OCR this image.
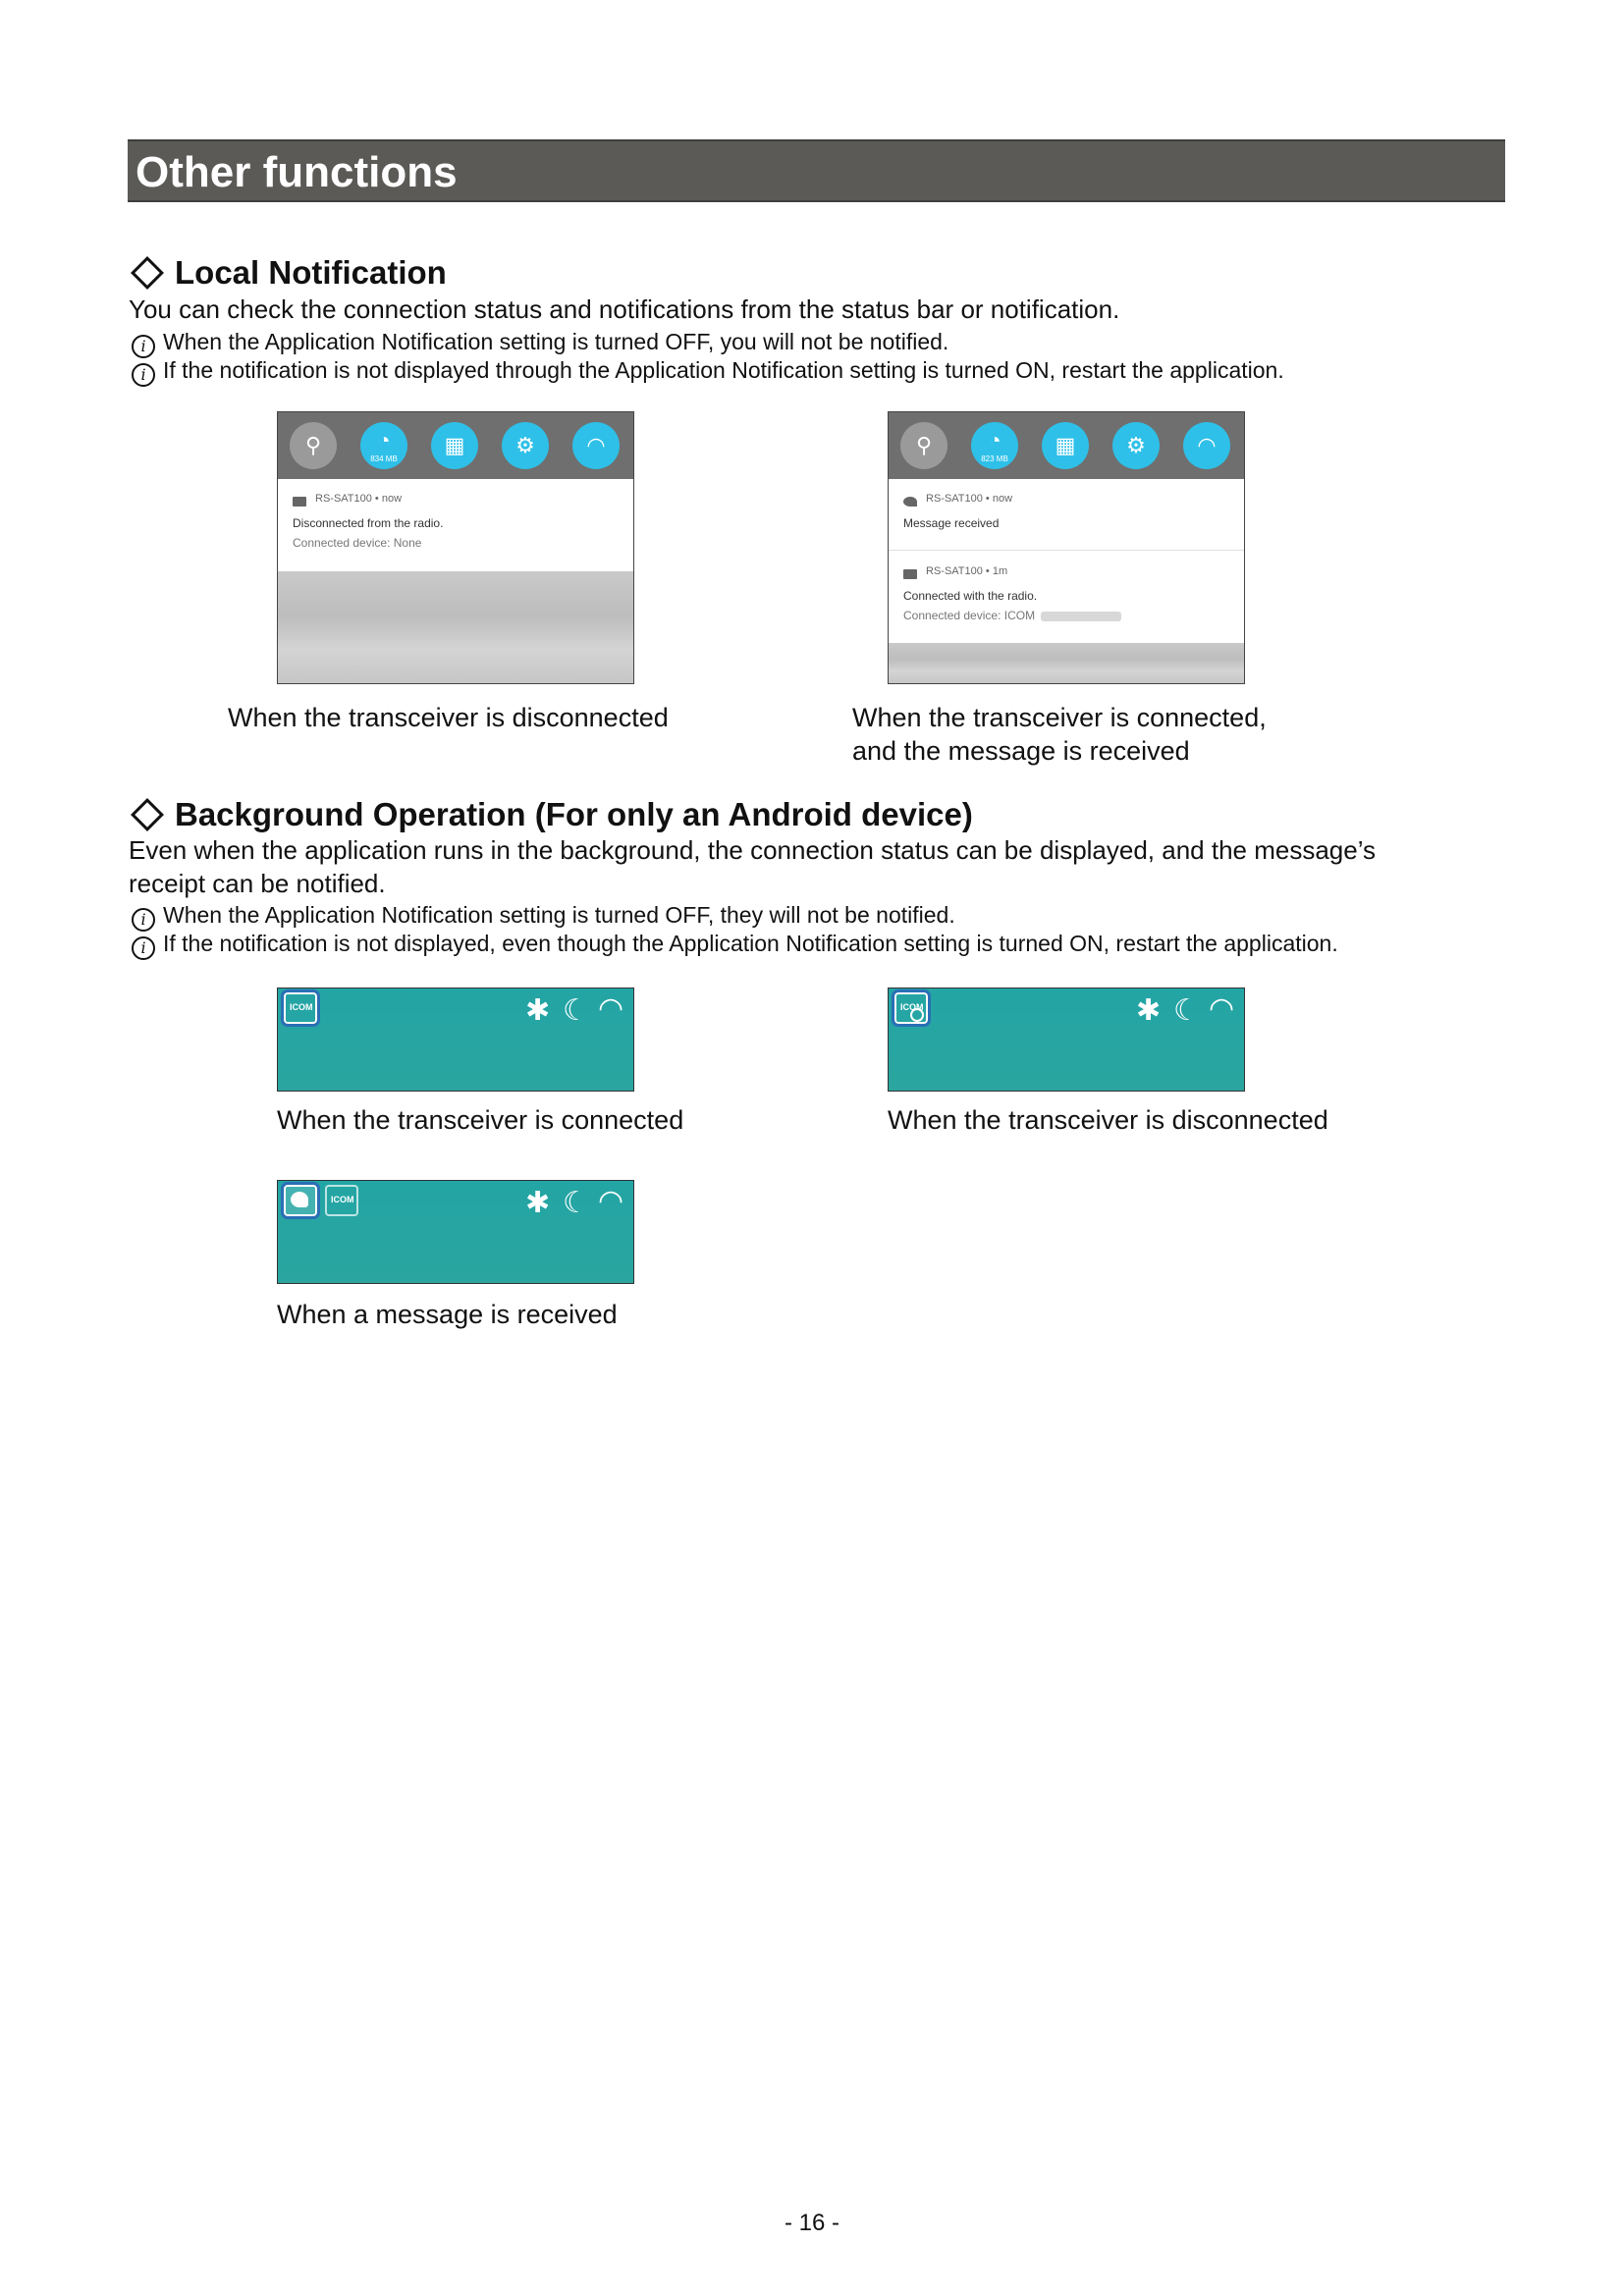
Other functions
Local Notification
You can check the connection status and notifications from the status bar or notification.
i When the Application Notification setting is turned OFF, you will not be notified.
i If the notification is not displayed through the Application Notification setting is turned ON, restart the application.
⚲	◔
834 MB
▦	⚙	◠
RS-SAT100 • now
Disconnected from the radio.
Connected device: None
⚲	◔
823 MB
▦	⚙	◠
RS-SAT100 • now
Message received
RS-SAT100 • 1m
Connected with the radio.
Connected device: ICOM
When the transceiver is disconnected	When the transceiver is connected,
and the message is received
Background Operation (For only an Android device)
Even when the application runs in the background, the connection status can be displayed, and the message’s
receipt can be notified.
i When the Application Notification setting is turned OFF, they will not be notified.
i If the notification is not displayed, even though the Application Notification setting is turned ON, restart the application.
ICOM	✱ ☾ ◠	ICOM	✱ ☾ ◠
When the transceiver is connected	When the transceiver is disconnected
ICOM	✱ ☾ ◠
When a message is received
- 16 -
